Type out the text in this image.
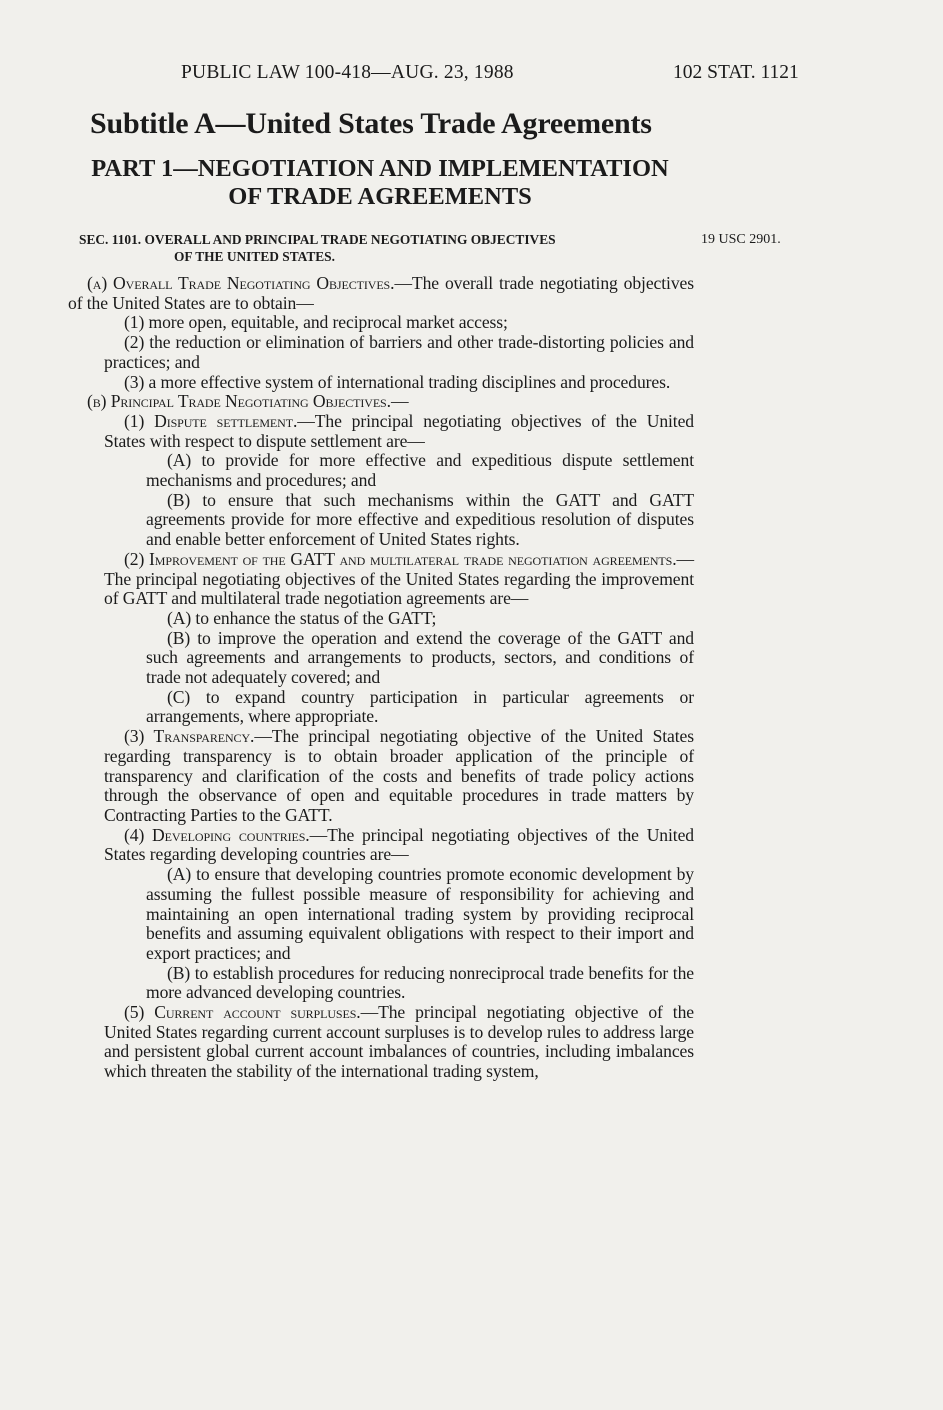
PUBLIC LAW 100-418—AUG. 23, 1988	102 STAT. 1121
Subtitle A—United States Trade Agreements
PART 1—NEGOTIATION AND IMPLEMENTATION
OF TRADE AGREEMENTS
SEC. 1101. OVERALL AND PRINCIPAL TRADE NEGOTIATING OBJECTIVES
OF THE UNITED STATES.
19 USC 2901.

(a) Overall Trade Negotiating Objectives.—The overall trade negotiating objectives of the United States are to obtain—

(1) more open, equitable, and reciprocal market access;

(2) the reduction or elimination of barriers and other trade-distorting policies and practices; and

(3) a more effective system of international trading disciplines and procedures.

(b) Principal Trade Negotiating Objectives.—

(1) Dispute settlement.—The principal negotiating objectives of the United States with respect to dispute settlement are—

(A) to provide for more effective and expeditious dispute settlement mechanisms and procedures; and

(B) to ensure that such mechanisms within the GATT and GATT agreements provide for more effective and expeditious resolution of disputes and enable better enforcement of United States rights.

(2) Improvement of the GATT and multilateral trade negotiation agreements.—The principal negotiating objectives of the United States regarding the improvement of GATT and multilateral trade negotiation agreements are—

(A) to enhance the status of the GATT;

(B) to improve the operation and extend the coverage of the GATT and such agreements and arrangements to products, sectors, and conditions of trade not adequately covered; and

(C) to expand country participation in particular agreements or arrangements, where appropriate.

(3) Transparency.—The principal negotiating objective of the United States regarding transparency is to obtain broader application of the principle of transparency and clarification of the costs and benefits of trade policy actions through the observance of open and equitable procedures in trade matters by Contracting Parties to the GATT.

(4) Developing countries.—The principal negotiating objectives of the United States regarding developing countries are—

(A) to ensure that developing countries promote economic development by assuming the fullest possible measure of responsibility for achieving and maintaining an open international trading system by providing reciprocal benefits and assuming equivalent obligations with respect to their import and export practices; and

(B) to establish procedures for reducing nonreciprocal trade benefits for the more advanced developing countries.

(5) Current account surpluses.—The principal negotiating objective of the United States regarding current account surpluses is to develop rules to address large and persistent global current account imbalances of countries, including imbalances which threaten the stability of the international trading system,
